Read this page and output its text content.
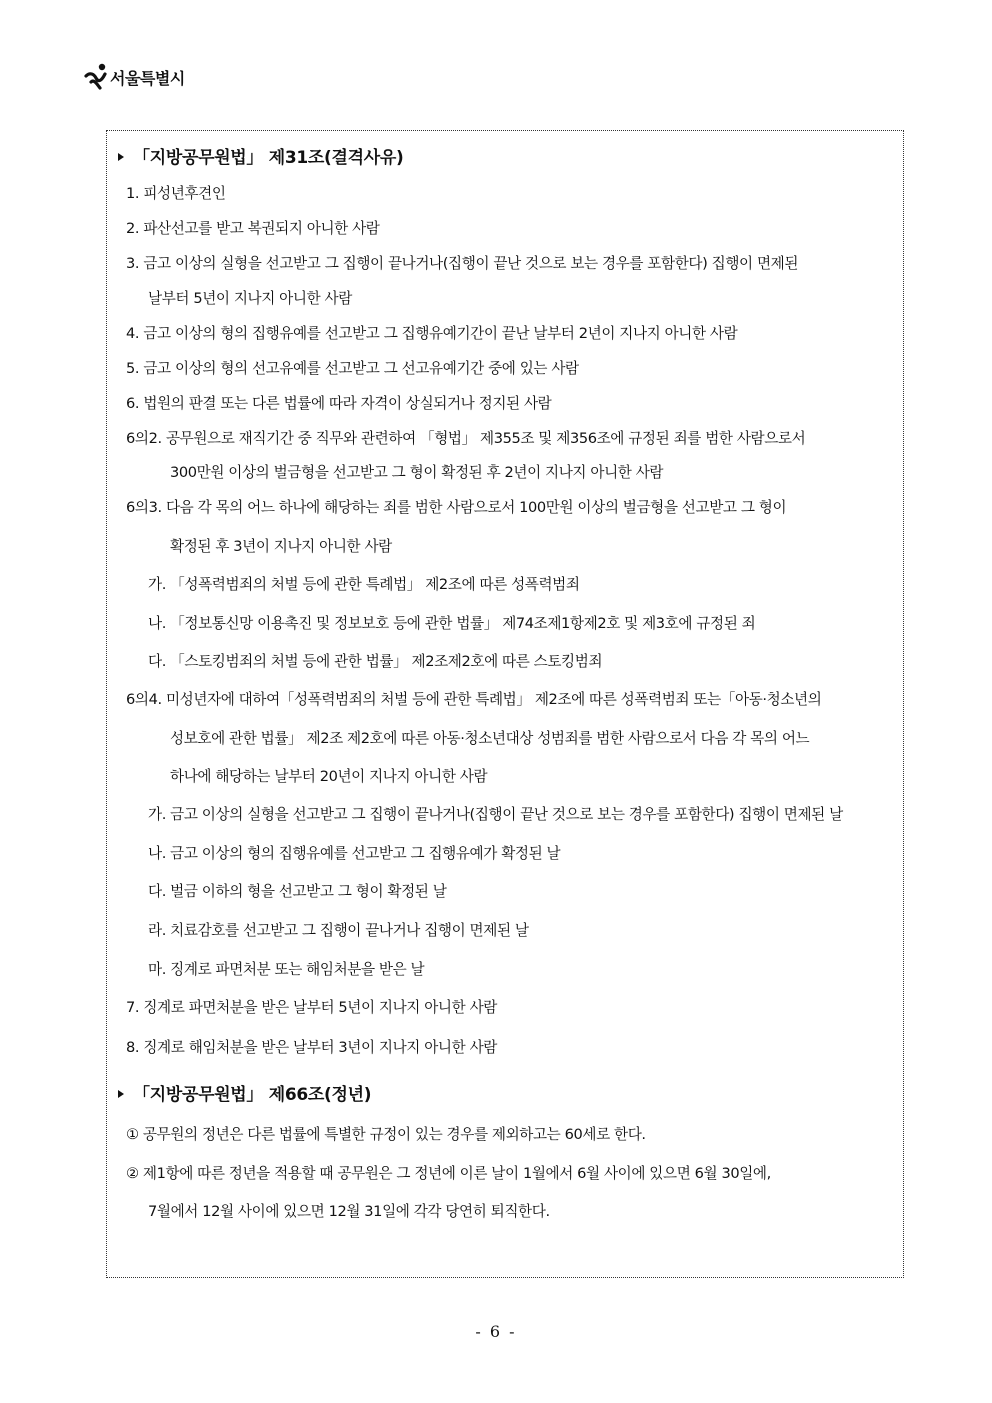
서울특별시
「지방공무원법」 제31조(결격사유)
1. 피성년후견인
2. 파산선고를 받고 복권되지 아니한 사람
3. 금고 이상의 실형을 선고받고 그 집행이 끝나거나(집행이 끝난 것으로 보는 경우를 포함한다) 집행이 면제된
날부터 5년이 지나지 아니한 사람
4. 금고 이상의 형의 집행유예를 선고받고 그 집행유예기간이 끝난 날부터 2년이 지나지 아니한 사람
5. 금고 이상의 형의 선고유예를 선고받고 그 선고유예기간 중에 있는 사람
6. 법원의 판결 또는 다른 법률에 따라 자격이 상실되거나 정지된 사람
6의2. 공무원으로 재직기간 중 직무와 관련하여 「형법」 제355조 및 제356조에 규정된 죄를 범한 사람으로서
300만원 이상의 벌금형을 선고받고 그 형이 확정된 후 2년이 지나지 아니한 사람
6의3. 다음 각 목의 어느 하나에 해당하는 죄를 범한 사람으로서 100만원 이상의 벌금형을 선고받고 그 형이
확정된 후 3년이 지나지 아니한 사람
가. 「성폭력범죄의 처벌 등에 관한 특례법」 제2조에 따른 성폭력범죄
나. 「정보통신망 이용촉진 및 정보보호 등에 관한 법률」 제74조제1항제2호 및 제3호에 규정된 죄
다. 「스토킹범죄의 처벌 등에 관한 법률」 제2조제2호에 따른 스토킹범죄
6의4. 미성년자에 대하여「성폭력범죄의 처벌 등에 관한 특례법」 제2조에 따른 성폭력범죄 또는「아동·청소년의
성보호에 관한 법률」 제2조 제2호에 따른 아동·청소년대상 성범죄를 범한 사람으로서 다음 각 목의 어느
하나에 해당하는 날부터 20년이 지나지 아니한 사람
가. 금고 이상의 실형을 선고받고 그 집행이 끝나거나(집행이 끝난 것으로 보는 경우를 포함한다) 집행이 면제된 날
나. 금고 이상의 형의 집행유예를 선고받고 그 집행유예가 확정된 날
다. 벌금 이하의 형을 선고받고 그 형이 확정된 날
라. 치료감호를 선고받고 그 집행이 끝나거나 집행이 면제된 날
마. 징계로 파면처분 또는 해임처분을 받은 날
7. 징계로 파면처분을 받은 날부터 5년이 지나지 아니한 사람
8. 징계로 해임처분을 받은 날부터 3년이 지나지 아니한 사람
「지방공무원법」 제66조(정년)
① 공무원의 정년은 다른 법률에 특별한 규정이 있는 경우를 제외하고는 60세로 한다.
② 제1항에 따른 정년을 적용할 때 공무원은 그 정년에 이른 날이 1월에서 6월 사이에 있으면 6월 30일에,
7월에서 12월 사이에 있으면 12월 31일에 각각 당연히 퇴직한다.
- 6 -
